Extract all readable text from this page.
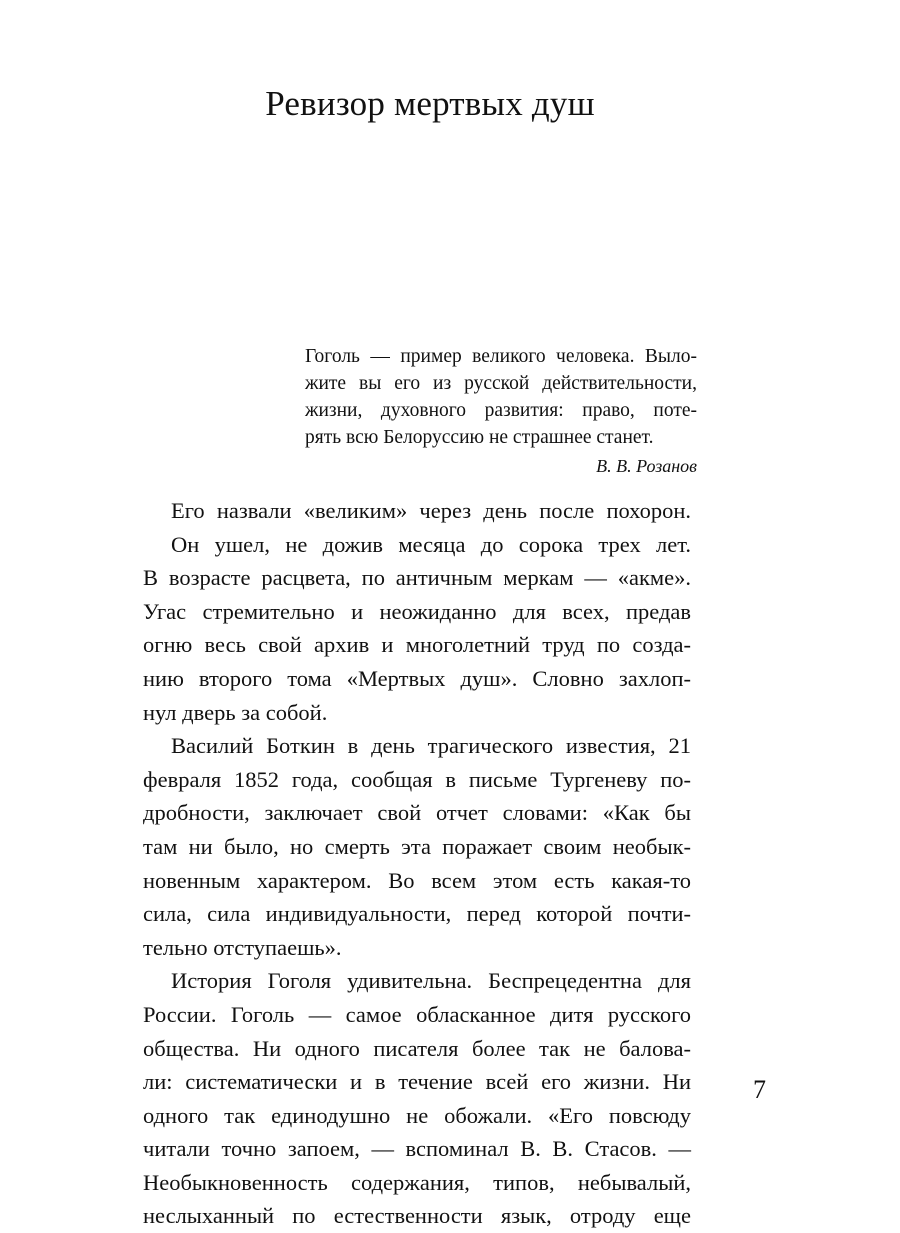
Ревизор мертвых душ
Гоголь — пример великого человека. Выло-
жите вы его из русской действительности,
жизни, духовного развития: право, поте-
рять всю Белоруссию не страшнее станет.
В. В. Розанов
Его назвали «великим» через день после похорон.
Он ушел, не дожив месяца до сорока трех лет.
В возрасте расцвета, по античным меркам — «акме».
Угас стремительно и неожиданно для всех, предав
огню весь свой архив и многолетний труд по созда-
нию второго тома «Мертвых душ». Словно захлоп-
нул дверь за собой.
Василий Боткин в день трагического известия, 21
февраля 1852 года, сообщая в письме Тургеневу по-
дробности, заключает свой отчет словами: «Как бы
там ни было, но смерть эта поражает своим необык-
новенным характером. Во всем этом есть какая-то
сила, сила индивидуальности, перед которой почти-
тельно отступаешь».
История Гоголя удивительна. Беспрецедентна для
России. Гоголь — самое обласканное дитя русского
общества. Ни одного писателя более так не балова-
ли: систематически и в течение всей его жизни. Ни
одного так единодушно не обожали. «Его повсюду
читали точно запоем, — вспоминал В. В. Стасов. —
Необыкновенность содержания, типов, небывалый,
неслыханный по естественности язык, отроду еще
7
